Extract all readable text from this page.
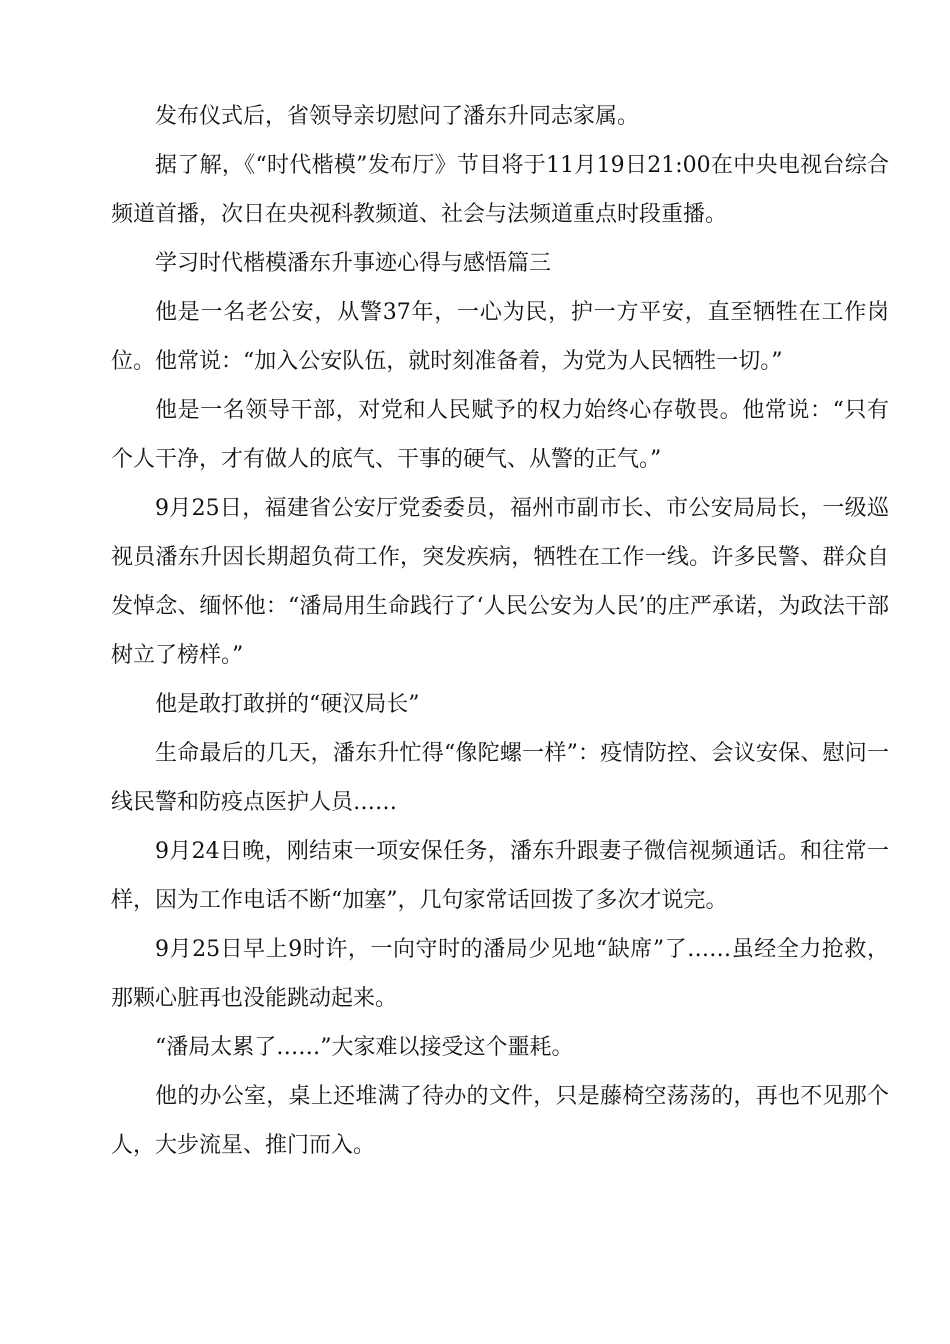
发布仪式后，省领导亲切慰问了潘东升同志家属。

据了解，《“时代楷模”发布厅》节目将于11月19日21:00在中央电视台综合频道首播，次日在央视科教频道、社会与法频道重点时段重播。

学习时代楷模潘东升事迹心得与感悟篇三

他是一名老公安，从警37年，一心为民，护一方平安，直至牺牲在工作岗位。他常说：“加入公安队伍，就时刻准备着，为党为人民牺牲一切。”

他是一名领导干部，对党和人民赋予的权力始终心存敬畏。他常说：“只有个人干净，才有做人的底气、干事的硬气、从警的正气。”

9月25日，福建省公安厅党委委员，福州市副市长、市公安局局长，一级巡视员潘东升因长期超负荷工作，突发疾病，牺牲在工作一线。许多民警、群众自发悼念、缅怀他：“潘局用生命践行了‘人民公安为人民’的庄严承诺，为政法干部树立了榜样。”

他是敢打敢拼的“硬汉局长”

生命最后的几天，潘东升忙得“像陀螺一样”：疫情防控、会议安保、慰问一线民警和防疫点医护人员……

9月24日晚，刚结束一项安保任务，潘东升跟妻子微信视频通话。和往常一样，因为工作电话不断“加塞”，几句家常话回拨了多次才说完。

9月25日早上9时许，一向守时的潘局少见地“缺席”了……虽经全力抢救，那颗心脏再也没能跳动起来。

“潘局太累了……”大家难以接受这个噩耗。

他的办公室，桌上还堆满了待办的文件，只是藤椅空荡荡的，再也不见那个人，大步流星、推门而入。
